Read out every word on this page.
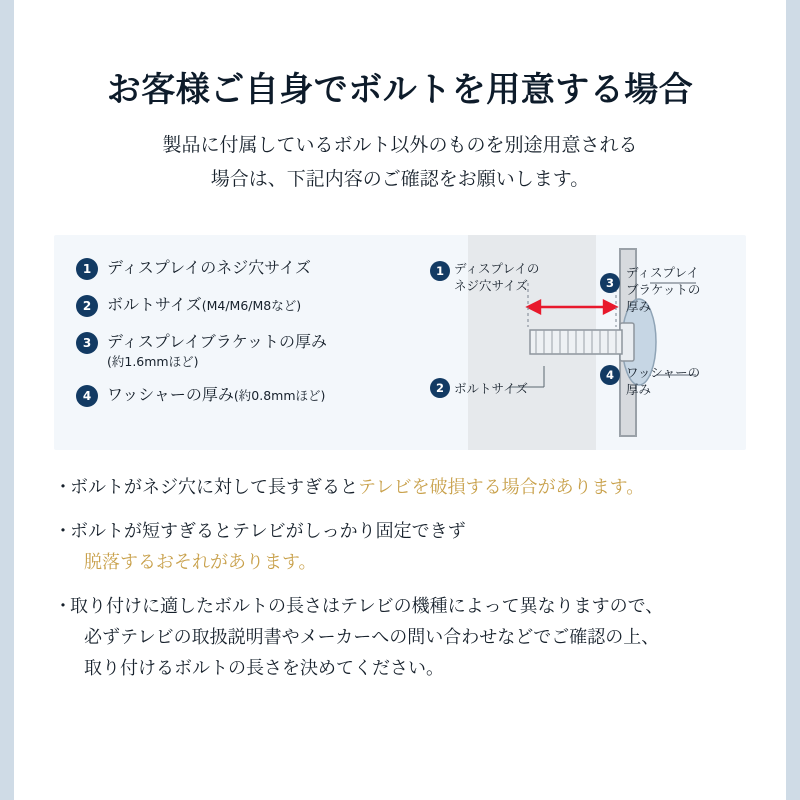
お客様ご自身でボルトを用意する場合
製品に付属しているボルト以外のものを別途用意される
場合は、下記内容のご確認をお願いします。
1 ディスプレイのネジ穴サイズ
2 ボルトサイズ(M4/M6/M8など)
3 ディスプレイブラケットの厚み
(約1.6mmほど)
4 ワッシャーの厚み(約0.8mmほど)
1 ディスプレイの
ネジ穴サイズ
2 ボルトサイズ
3
ディスプレイ
ブラケットの
厚み
4 ワッシャーの
厚み
・
ボルトがネジ穴に対して長すぎるとテレビを破損する場合があります。
・
ボルトが短すぎるとテレビがしっかり固定できず
脱落するおそれがあります。
・
取り付けに適したボルトの長さはテレビの機種によって異なりますので、
必ずテレビの取扱説明書やメーカーへの問い合わせなどでご確認の上、
取り付けるボルトの長さを決めてください。
